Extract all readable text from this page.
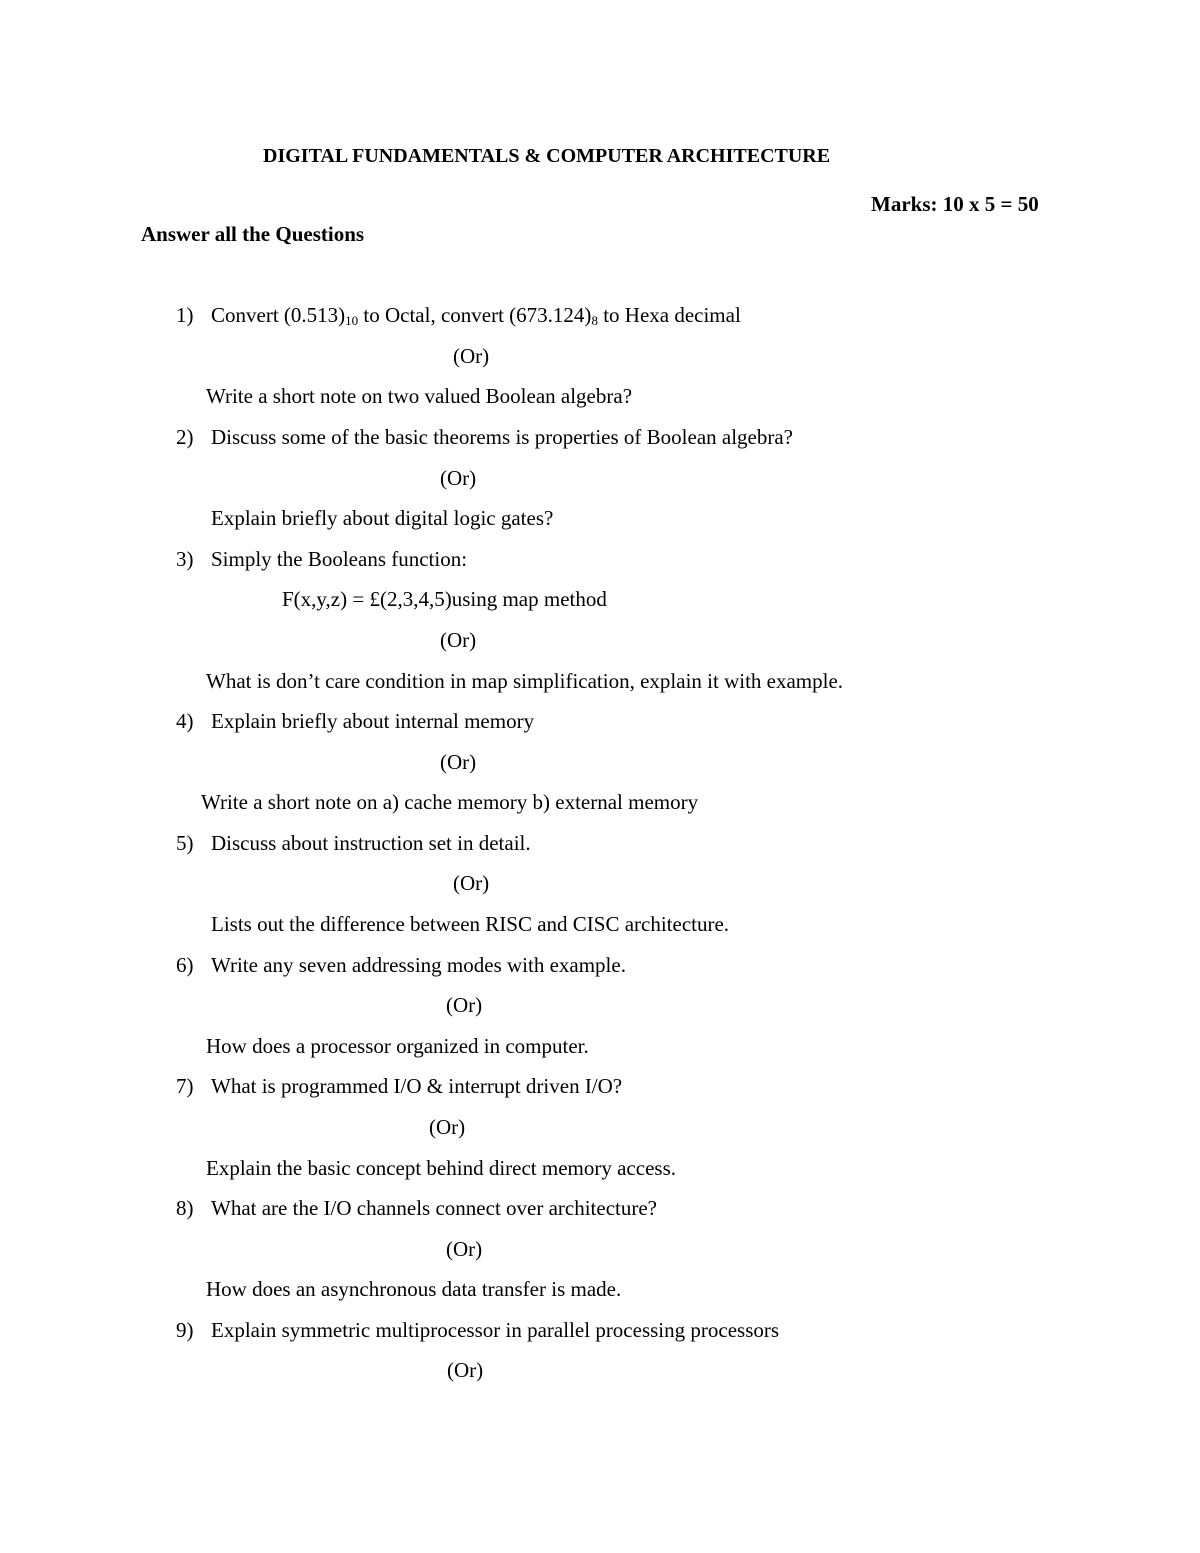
DIGITAL FUNDAMENTALS & COMPUTER ARCHITECTURE
Marks: 10 x 5 = 50
Answer all the Questions
1) Convert $(0.513)_{10}$ to Octal, convert $(673.124)_8$ to Hexa decimal
(Or)
Write a short note on two valued Boolean algebra?
2) Discuss some of the basic theorems is properties of Boolean algebra?
(Or)
Explain briefly about digital logic gates?
3) Simply the Booleans function:
F(x,y,z) = £(2,3,4,5)using map method
(Or)
What is don’t care condition in map simplification, explain it with example.
4) Explain briefly about internal memory
(Or)
Write a short note on a) cache memory b) external memory
5) Discuss about instruction set in detail.
(Or)
Lists out the difference between RISC and CISC architecture.
6) Write any seven addressing modes with example.
(Or)
How does a processor organized in computer.
7) What is programmed I/O & interrupt driven I/O?
(Or)
Explain the basic concept behind direct memory access.
8) What are the I/O channels connect over architecture?
(Or)
How does an asynchronous data transfer is made.
9) Explain symmetric multiprocessor in parallel processing processors
(Or)
